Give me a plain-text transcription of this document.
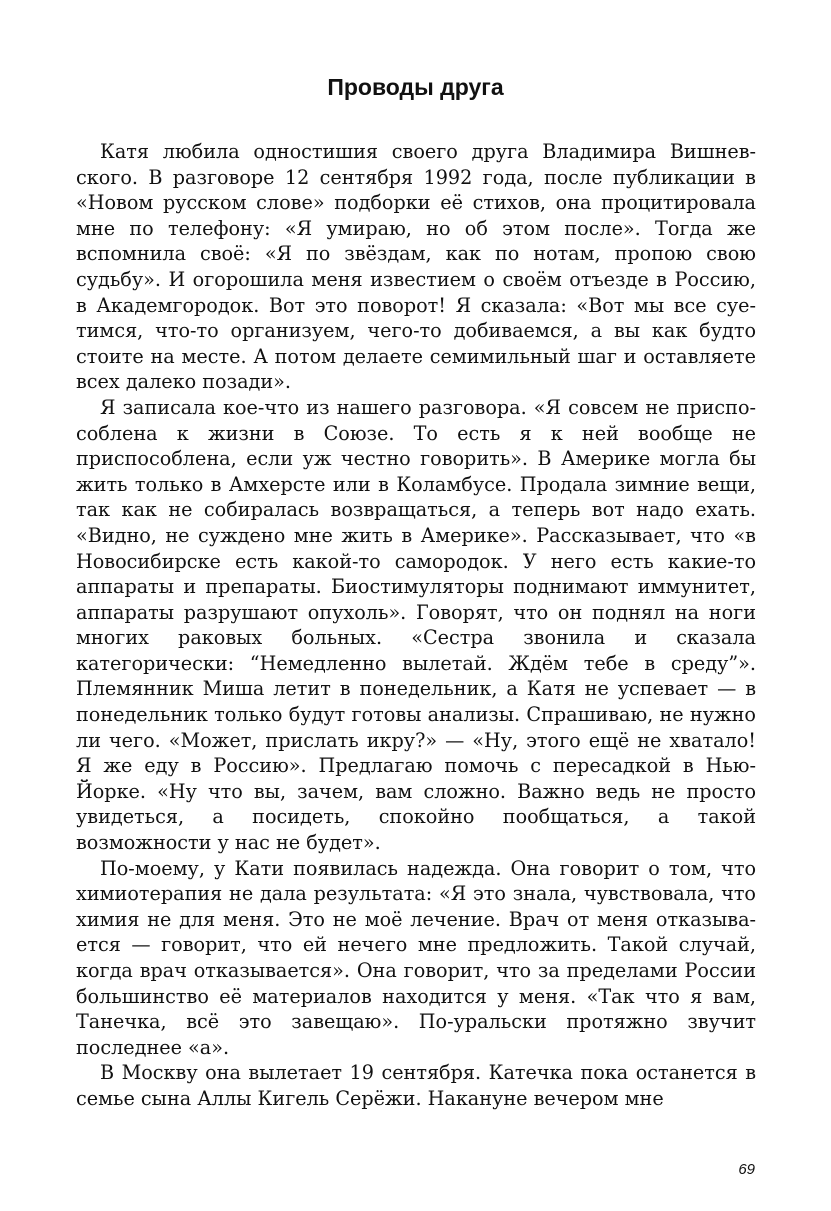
Проводы друга

Катя любила одностишия своего друга Владимира Вишневского. В разговоре 12 сентября 1992 года, после публикации в «Новом русском слове» подборки её стихов, она процитировала мне по телефону: «Я умираю, но об этом после». Тогда же вспомнила своё: «Я по звёздам, как по нотам, пропою свою судьбу». И огорошила меня известием о своём отъезде в Россию, в Академгородок. Вот это поворот! Я сказала: «Вот мы все суетимся, что-то организуем, чего-то добиваемся, а вы как будто стоите на месте. А потом делаете семимильный шаг и оставляете всех далеко позади».

Я записала кое-что из нашего разговора. «Я совсем не приспособлена к жизни в Союзе. То есть я к ней вообще не приспособлена, если уж честно говорить». В Америке могла бы жить только в Амхерсте или в Коламбусе. Продала зимние вещи, так как не собиралась возвращаться, а теперь вот надо ехать. «Видно, не суждено мне жить в Америке». Рассказывает, что «в Новосибирске есть какой-то самородок. У него есть какие-то аппараты и препараты. Биостимуляторы поднимают иммунитет, аппараты разрушают опухоль». Говорят, что он поднял на ноги многих раковых больных. «Сестра звонила и сказала категорически: “Немедленно вылетай. Ждём тебе в среду”». Племянник Миша летит в понедельник, а Катя не успевает — в понедельник только будут готовы анализы. Спрашиваю, не нужно ли чего. «Может, прислать икру?» — «Ну, этого ещё не хватало! Я же еду в Россию». Предлагаю помочь с пересадкой в Нью-Йорке. «Ну что вы, зачем, вам сложно. Важно ведь не просто увидеться, а посидеть, спокойно пообщаться, а такой возможности у нас не будет».

По-моему, у Кати появилась надежда. Она говорит о том, что химиотерапия не дала результата: «Я это знала, чувствовала, что химия не для меня. Это не моё лечение. Врач от меня отказывается — говорит, что ей нечего мне предложить. Такой случай, когда врач отказывается». Она говорит, что за пределами России большинство её материалов находится у меня. «Так что я вам, Танечка, всё это завещаю». По-уральски протяжно звучит последнее «а».

В Москву она вылетает 19 сентября. Катечка пока останется в семье сына Аллы Кигель Серёжи. Накануне вечером мне

69
